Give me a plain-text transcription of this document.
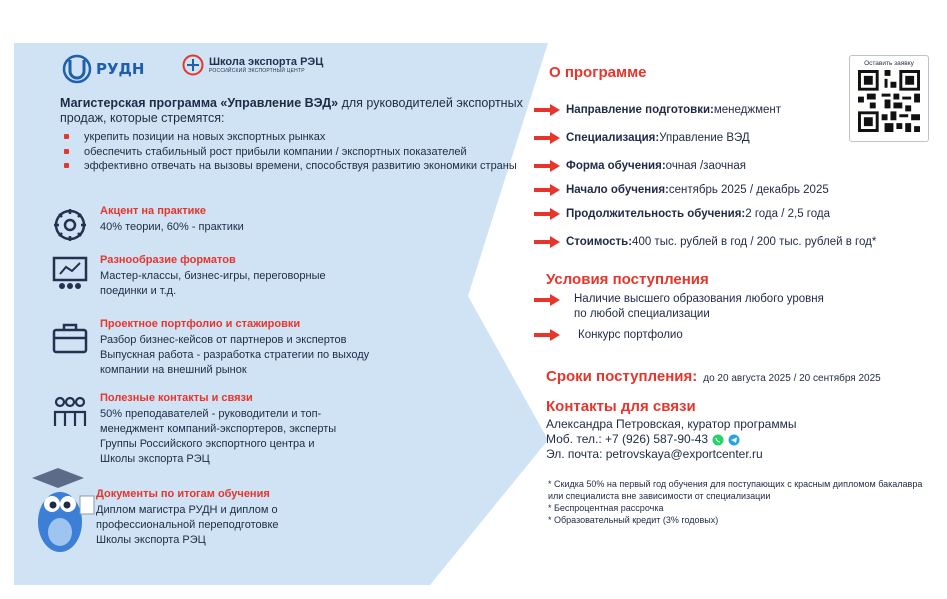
РУДН	Школа экспорта РЭЦ
РОССИЙСКИЙ ЭКСПОРТНЫЙ ЦЕНТР
Магистерская программа «Управление ВЭД» для руководителей экспортных продаж, которые стремятся:
укрепить позиции на новых экспортных рынках
обеспечить стабильный рост прибыли компании / экспортных показателей
эффективно отвечать на вызовы времени, способствуя развитию экономики страны
Акцент на практике
40% теории, 60% - практики
Разнообразие форматов
Мастер-классы, бизнес-игры, переговорные
поединки и т.д.
Проектное портфолио и стажировки
Разбор бизнес-кейсов от партнеров и экспертов
Выпускная работа - разработка стратегии по выходу
компании на внешний рынок
Полезные контакты и связи
50% преподавателей - руководители и топ-
менеджмент компаний-экспортеров, эксперты
Группы Российского экспортного центра и
Школы экспорта РЭЦ
Документы по итогам обучения
Диплом магистра РУДН и диплом о
профессиональной переподготовке
Школы экспорта РЭЦ
Оставить заявку
О программе
Направление подготовки: менеджмент
Специализация: Управление ВЭД
Форма обучения: очная /заочная
Начало обучения: сентябрь 2025 / декабрь 2025
Продолжительность обучения: 2 года / 2,5 года
Стоимость: 400 тыс. рублей в год / 200 тыс. рублей в год*
Условия поступления
Наличие высшего образования любого уровня
по любой специализации
Конкурс портфолио
Сроки поступления: до 20 августа 2025 / 20 сентября 2025
Контакты для связи
Александра Петровская, куратор программы
Моб. тел.: +7 (926) 587-90-43
Эл. почта: petrovskaya@exportcenter.ru
* Скидка 50% на первый год обучения для поступающих с красным дипломом бакалавра или специалиста вне зависимости от специализации
* Беспроцентная рассрочка
* Образовательный кредит (3% годовых)
